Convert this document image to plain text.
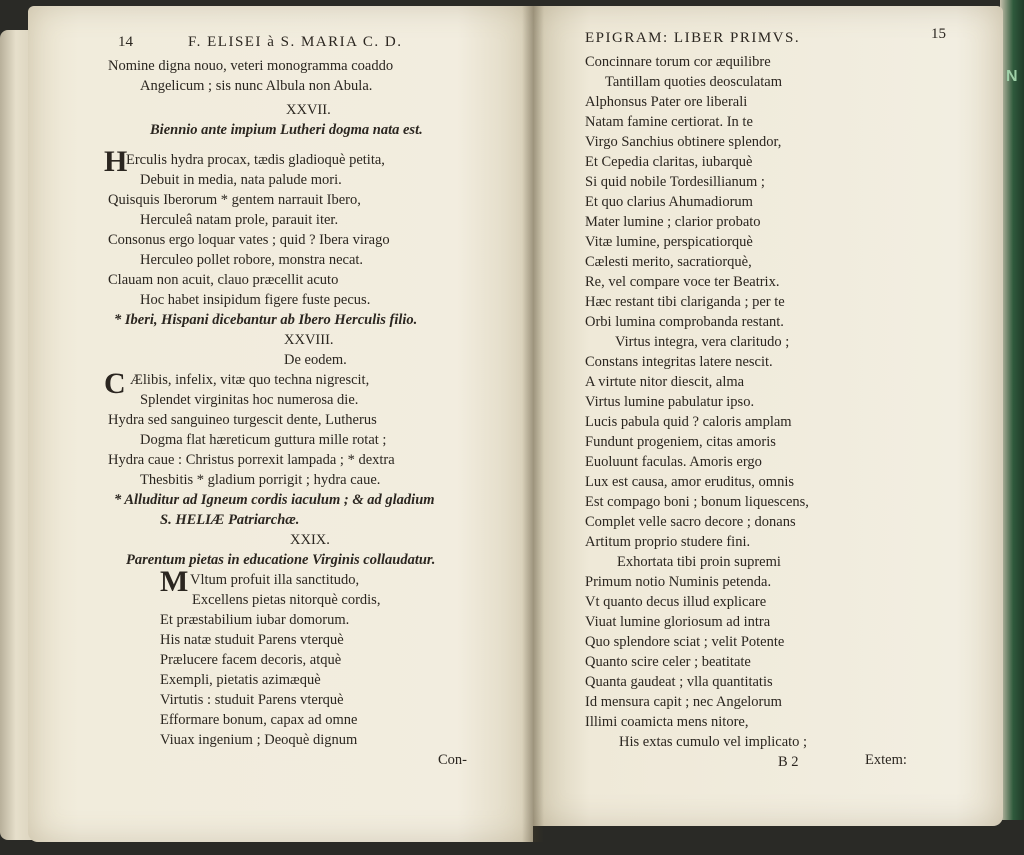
N
14	F. ELISEI à S. MARIA C. D.
Nomine digna nouo, veteri monogramma coaddo
Angelicum ; sis nunc Albula non Abula.
XXVII.
Biennio ante impium Lutheri dogma nata est.
H
Erculis hydra procax, tædis gladioquè petita,
Debuit in media, nata palude mori.
Quisquis Iberorum * gentem narrauit Ibero,
Herculeâ natam prole, parauit iter.
Consonus ergo loquar vates ; quid ? Ibera virago
Herculeo pollet robore, monstra necat.
Clauam non acuit, clauo præcellit acuto
Hoc habet insipidum figere fuste pecus.
* Iberi, Hispani dicebantur ab Ibero Herculis filio.
XXVIII.
De eodem.
C Ælibis, infelix, vitæ quo techna nigrescit,
Splendet virginitas hoc numerosa die.
Hydra sed sanguineo turgescit dente, Lutherus
Dogma flat hæreticum guttura mille rotat ;
Hydra caue : Christus porrexit lampada ; * dextra
Thesbitis * gladium porrigit ; hydra caue.
* Alluditur ad Igneum cordis iaculum ; & ad gladium
S. HELIÆ Patriarchæ.
XXIX.
Parentum pietas in educatione Virginis collaudatur.
M Vltum profuit illa sanctitudo,
Excellens pietas nitorquè cordis,
Et præstabilium iubar domorum.
His natæ studuit Parens vterquè
Prælucere facem decoris, atquè
Exempli, pietatis azimæquè
Virtutis : studuit Parens vterquè
Efformare bonum, capax ad omne
Viuax ingenium ; Deoquè dignum
Con-
EPIGRAM: LIBER PRIMVS.	15
Concinnare torum cor æquilibre
Tantillam quoties deosculatam
Alphonsus Pater ore liberali
Natam famine certiorat. In te
Virgo Sanchius obtinere splendor,
Et Cepedia claritas, iubarquè
Si quid nobile Tordesillianum ;
Et quo clarius Ahumadiorum
Mater lumine ; clarior probato
Vitæ lumine, perspicatiorquè
Cælesti merito, sacratiorquè,
Re, vel compare voce ter Beatrix.
Hæc restant tibi clariganda ; per te
Orbi lumina comprobanda restant.
Virtus integra, vera claritudo ;
Constans integritas latere nescit.
A virtute nitor diescit, alma
Virtus lumine pabulatur ipso.
Lucis pabula quid ? caloris amplam
Fundunt progeniem, citas amoris
Euoluunt faculas. Amoris ergo
Lux est causa, amor eruditus, omnis
Est compago boni ; bonum liquescens,
Complet velle sacro decore ; donans
Artitum proprio studere fini.
Exhortata tibi proin supremi
Primum notio Numinis petenda.
Vt quanto decus illud explicare
Viuat lumine gloriosum ad intra
Quo splendore sciat ; velit Potente
Quanto scire celer ; beatitate
Quanta gaudeat ; vlla quantitatis
Id mensura capit ; nec Angelorum
Illimi coamicta mens nitore,
His extas cumulo vel implicato ;
B 2	Extem:
